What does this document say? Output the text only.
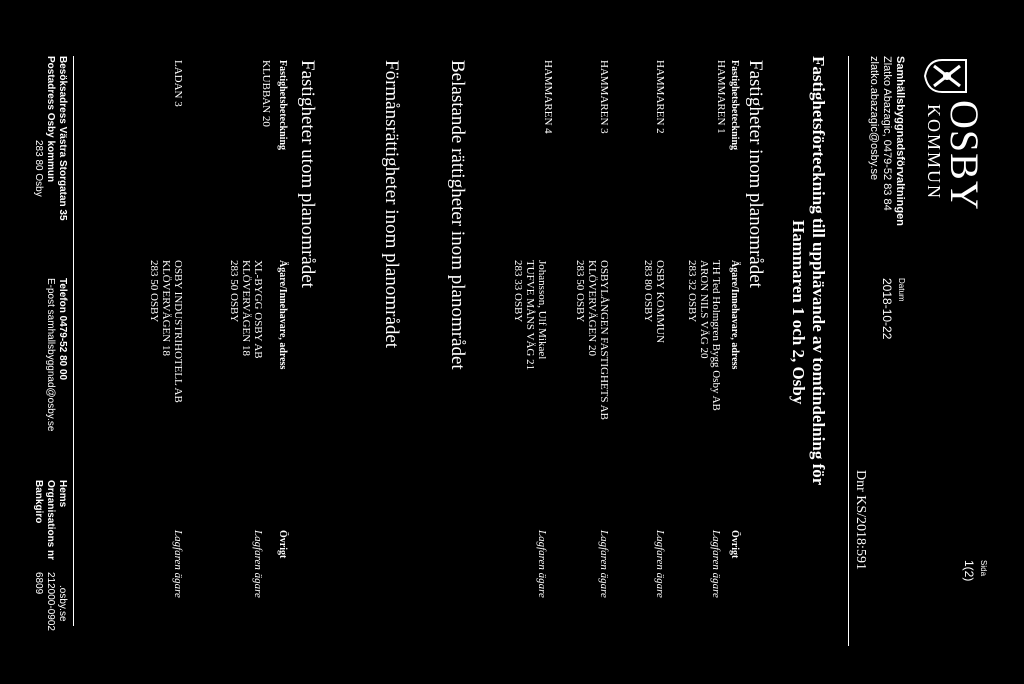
OSBY
KOMMUN
Samhällsbyggnadsförvaltningen
Zlatko Abazagic, 0479-52 83 84
zlatko.abazagic@osby.se
Datum
2018-10-22
Sida
1(2)
Dnr KS/2018:591
Fastighetsförteckning till upphävande av tomtindelning för
Hammaren 1 och 2, Osby
Fastigheter inom planområdet
Fastighetsbeteckning
Ägare/Innehavare, adress
Övrigt
HAMMAREN 1
TH Ted Holmgren Bygg Osby AB
ARON NILS VÄG 20
283 32 OSBY
Lagfaren ägare
HAMMAREN 2
OSBY KOMMUN
283 80 OSBY
Lagfaren ägare
HAMMAREN 3
OSBYLÅNGEN FASTIGHETS AB
KLÖVERVÄGEN 20
283 50 OSBY
Lagfaren ägare
HAMMAREN 4
Johansson, Ulf Mikael
TUFVE MÅNS VÄG 21
283 33 OSBY
Lagfaren ägare
Belastande rättigheter inom planområdet
Förmånsrättigheter inom planområdet
Fastigheter utom planområdet
Fastighetsbeteckning
Ägare/Innehavare, adress
Övrigt
KLUBBAN 20
XL-BYGG OSBY AB
KLÖVERVÄGEN 18
283 50 OSBY
Lagfaren ägare
LADAN 3
OSBY INDUSTRIHOTELL AB
KLÖVERVÄGEN 18
283 50 OSBY
Lagfaren ägare
Besöksadress Västra Storgatan 35
Postadress Osby kommun
283 80 Osby
Telefon 0479-52 80 00
E-post samhallsbyggnad@osby.se
Hems
.osby.se
Organisations nr
212000-0902
Bankgiro
6809
